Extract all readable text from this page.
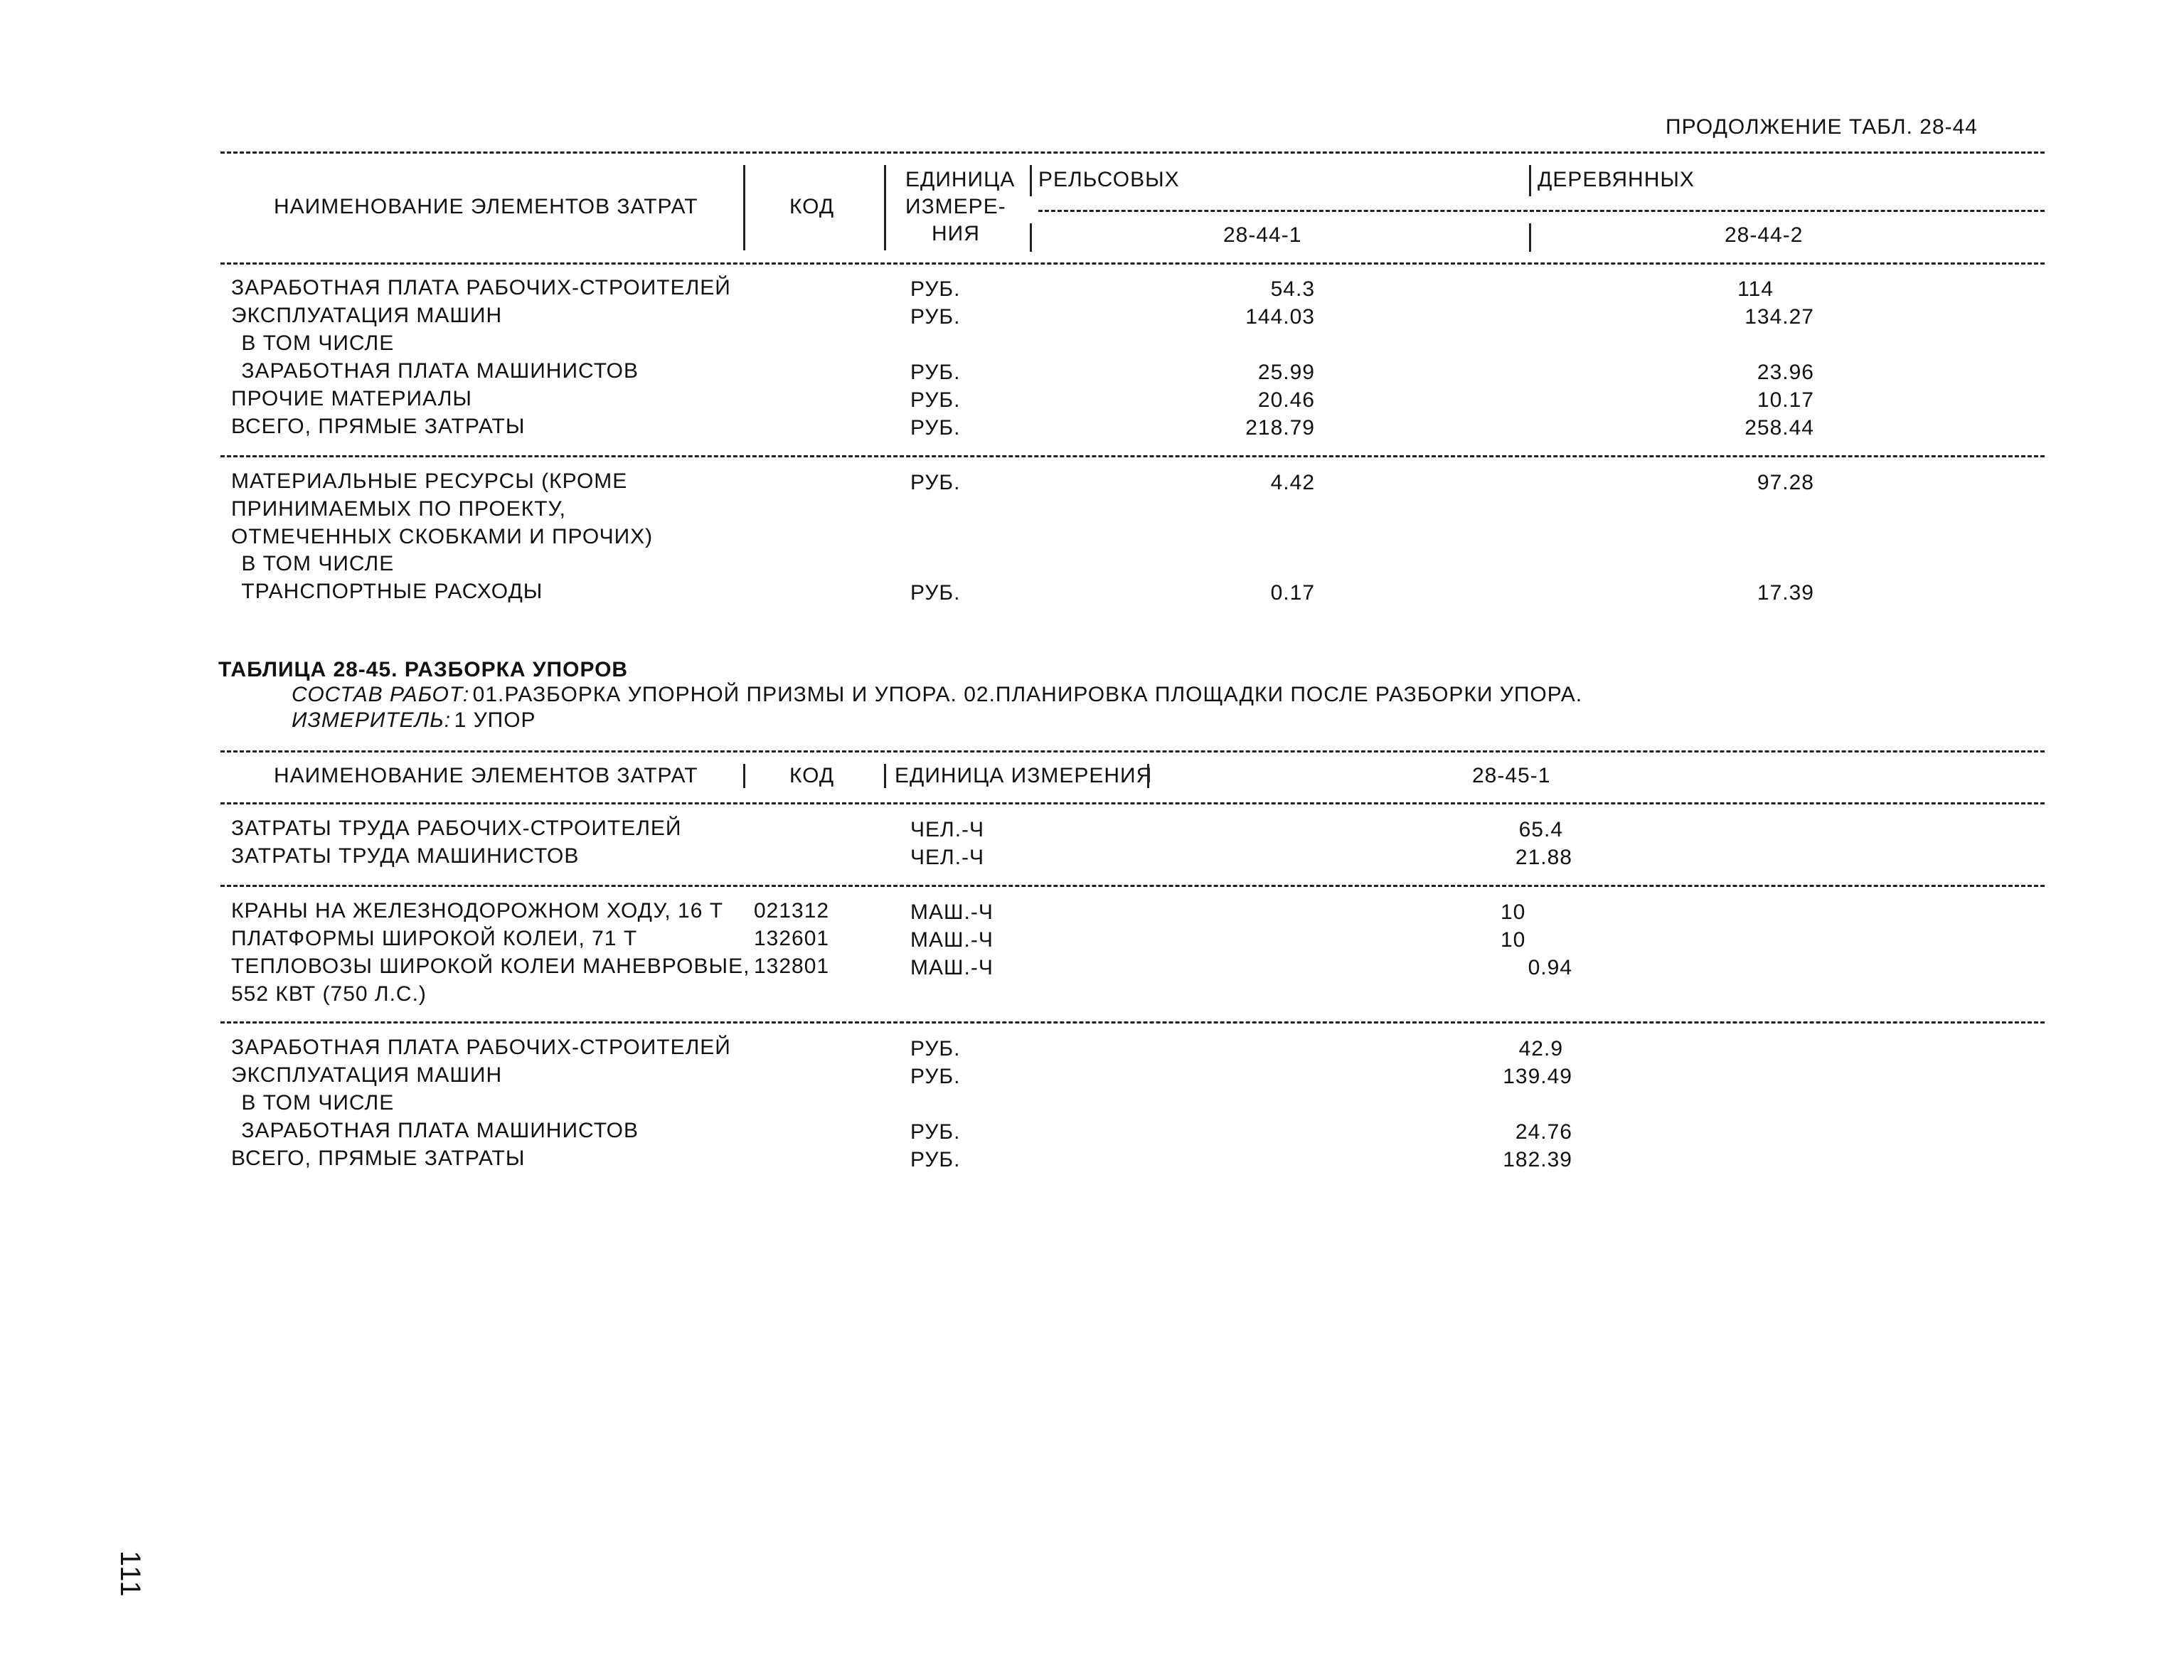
ПРОДОЛЖЕНИЕ ТАБЛ. 28-44
НАИМЕНОВАНИЕ ЭЛЕМЕНТОВ ЗАТРАТ	КОД
ЕДИНИЦА
ИЗМЕРЕ-
НИЯ
РЕЛЬСОВЫХ	ДЕРЕВЯННЫХ
28-44-1	28-44-2
ЗАРАБОТНАЯ ПЛАТА РАБОЧИХ-СТРОИТЕЛЕЙ	РУБ.	54.3	114
ЭКСПЛУАТАЦИЯ МАШИН	РУБ.	144.03	134.27
В ТОМ ЧИСЛЕ
ЗАРАБОТНАЯ ПЛАТА МАШИНИСТОВ	РУБ.	25.99	23.96
ПРОЧИЕ МАТЕРИАЛЫ	РУБ.	20.46	10.17
ВСЕГО, ПРЯМЫЕ ЗАТРАТЫ	РУБ.	218.79	258.44
МАТЕРИАЛЬНЫЕ РЕСУРСЫ (КРОМЕ	РУБ.	4.42	97.28
ПРИНИМАЕМЫХ ПО ПРОЕКТУ,
ОТМЕЧЕННЫХ СКОБКАМИ И ПРОЧИХ)
В ТОМ ЧИСЛЕ
ТРАНСПОРТНЫЕ РАСХОДЫ	РУБ.	0.17	17.39
ТАБЛИЦА 28-45. РАЗБОРКА УПОРОВ
СОСТАВ РАБОТ: 01.РАЗБОРКА УПОРНОЙ ПРИЗМЫ И УПОРА. 02.ПЛАНИРОВКА ПЛОЩАДКИ ПОСЛЕ РАЗБОРКИ УПОРА.
ИЗМЕРИТЕЛЬ: 1 УПОР
НАИМЕНОВАНИЕ ЭЛЕМЕНТОВ ЗАТРАТ	КОД	ЕДИНИЦА ИЗМЕРЕНИЯ	28-45-1
ЗАТРАТЫ ТРУДА РАБОЧИХ-СТРОИТЕЛЕЙ	ЧЕЛ.-Ч	65.4
ЗАТРАТЫ ТРУДА МАШИНИСТОВ	ЧЕЛ.-Ч	21.88
КРАНЫ НА ЖЕЛЕЗНОДОРОЖНОМ ХОДУ, 16 Т 021312	МАШ.-Ч	10
ПЛАТФОРМЫ ШИРОКОЙ КОЛЕИ, 71 Т	132601	МАШ.-Ч	10
ТЕПЛОВОЗЫ ШИРОКОЙ КОЛЕИ МАНЕВРОВЫЕ, 132801	МАШ.-Ч	0.94
552 КВТ (750 Л.С.)
ЗАРАБОТНАЯ ПЛАТА РАБОЧИХ-СТРОИТЕЛЕЙ	РУБ.	42.9
ЭКСПЛУАТАЦИЯ МАШИН	РУБ.	139.49
В ТОМ ЧИСЛЕ
ЗАРАБОТНАЯ ПЛАТА МАШИНИСТОВ	РУБ.	24.76
ВСЕГО, ПРЯМЫЕ ЗАТРАТЫ	РУБ.	182.39
111
